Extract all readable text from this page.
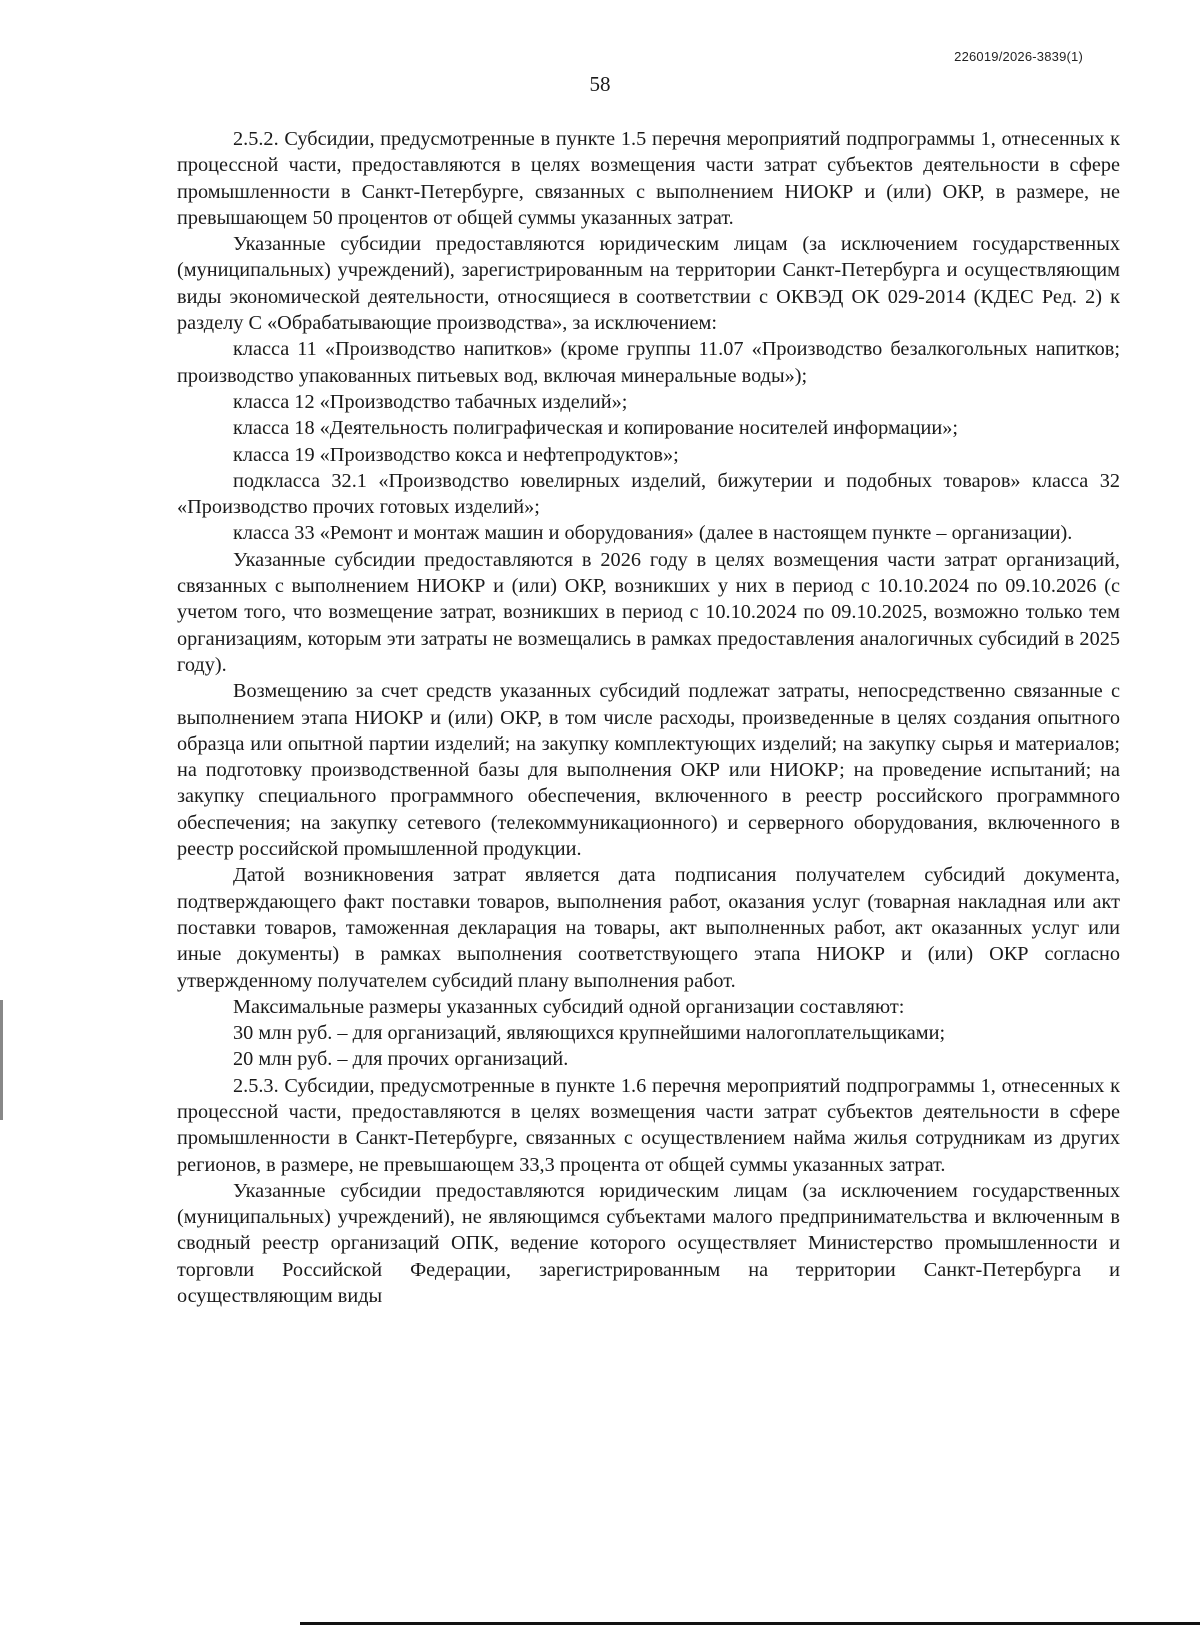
226019/2026-3839(1)
58

2.5.2. Субсидии, предусмотренные в пункте 1.5 перечня мероприятий подпрограммы 1, отнесенных к процессной части, предоставляются в целях возмещения части затрат субъектов деятельности в сфере промышленности в Санкт-Петербурге, связанных с выполнением НИОКР и (или) ОКР, в размере, не превышающем 50 процентов от общей суммы указанных затрат.

Указанные субсидии предоставляются юридическим лицам (за исключением государственных (муниципальных) учреждений), зарегистрированным на территории Санкт-Петербурга и осуществляющим виды экономической деятельности, относящиеся в соответствии с ОКВЭД ОК 029-2014 (КДЕС Ред. 2) к разделу С «Обрабатывающие производства», за исключением:

класса 11 «Производство напитков» (кроме группы 11.07 «Производство безалкогольных напитков; производство упакованных питьевых вод, включая минеральные воды»);

класса 12 «Производство табачных изделий»;

класса 18 «Деятельность полиграфическая и копирование носителей информации»;

класса 19 «Производство кокса и нефтепродуктов»;

подкласса 32.1 «Производство ювелирных изделий, бижутерии и подобных товаров» класса 32 «Производство прочих готовых изделий»;

класса 33 «Ремонт и монтаж машин и оборудования» (далее в настоящем пункте – организации).

Указанные субсидии предоставляются в 2026 году в целях возмещения части затрат организаций, связанных с выполнением НИОКР и (или) ОКР, возникших у них в период с 10.10.2024 по 09.10.2026 (с учетом того, что возмещение затрат, возникших в период с 10.10.2024 по 09.10.2025, возможно только тем организациям, которым эти затраты не возмещались в рамках предоставления аналогичных субсидий в 2025 году).

Возмещению за счет средств указанных субсидий подлежат затраты, непосредственно связанные с выполнением этапа НИОКР и (или) ОКР, в том числе расходы, произведенные в целях создания опытного образца или опытной партии изделий; на закупку комплектующих изделий; на закупку сырья и материалов; на подготовку производственной базы для выполнения ОКР или НИОКР; на проведение испытаний; на закупку специального программного обеспечения, включенного в реестр российского программного обеспечения; на закупку сетевого (телекоммуникационного) и серверного оборудования, включенного в реестр российской промышленной продукции.

Датой возникновения затрат является дата подписания получателем субсидий документа, подтверждающего факт поставки товаров, выполнения работ, оказания услуг (товарная накладная или акт поставки товаров, таможенная декларация на товары, акт выполненных работ, акт оказанных услуг или иные документы) в рамках выполнения соответствующего этапа НИОКР и (или) ОКР согласно утвержденному получателем субсидий плану выполнения работ.

Максимальные размеры указанных субсидий одной организации составляют:

30 млн руб. – для организаций, являющихся крупнейшими налогоплательщиками;

20 млн руб. – для прочих организаций.

2.5.3. Субсидии, предусмотренные в пункте 1.6 перечня мероприятий подпрограммы 1, отнесенных к процессной части, предоставляются в целях возмещения части затрат субъектов деятельности в сфере промышленности в Санкт-Петербурге, связанных с осуществлением найма жилья сотрудникам из других регионов, в размере, не превышающем 33,3 процента от общей суммы указанных затрат.

Указанные субсидии предоставляются юридическим лицам (за исключением государственных (муниципальных) учреждений), не являющимся субъектами малого предпринимательства и включенным в сводный реестр организаций ОПК, ведение которого осуществляет Министерство промышленности и торговли Российской Федерации, зарегистрированным на территории Санкт-Петербурга и осуществляющим виды
